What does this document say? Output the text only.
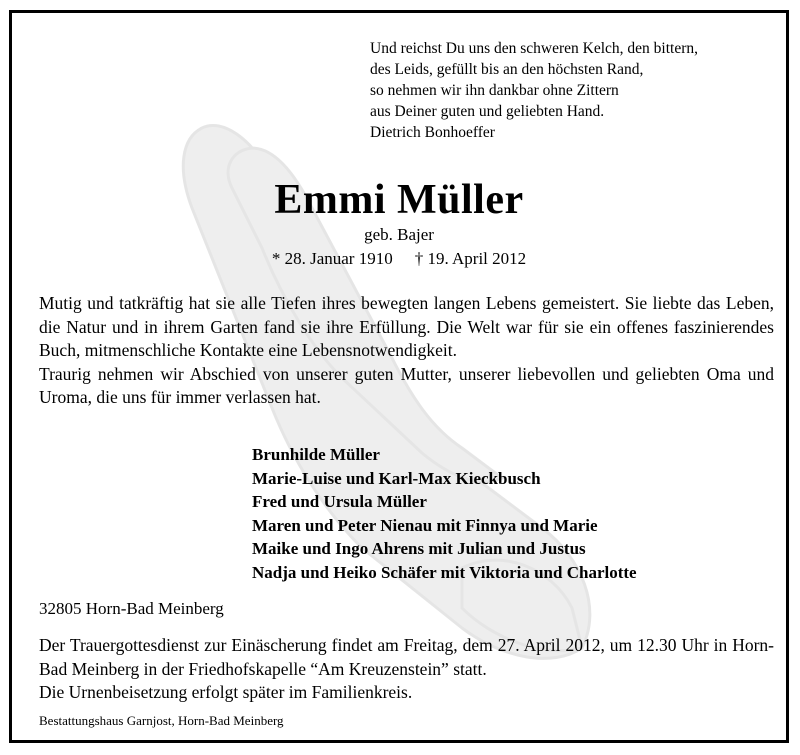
Und reichst Du uns den schweren Kelch, den bittern,
des Leids, gefüllt bis an den höchsten Rand,
so nehmen wir ihn dankbar ohne Zittern
aus Deiner guten und geliebten Hand.
Dietrich Bonhoeffer
Emmi Müller
geb. Bajer
* 28. Januar 1910 † 19. April 2012

Mutig und tatkräftig hat sie alle Tiefen ihres bewegten langen Lebens gemeistert. Sie liebte das Leben, die Natur und in ihrem Garten fand sie ihre Erfüllung. Die Welt war für sie ein offenes faszinierendes Buch, mitmenschliche Kontakte eine Lebensnotwendigkeit.

Traurig nehmen wir Abschied von unserer guten Mutter, unserer liebevollen und geliebten Oma und Uroma, die uns für immer verlassen hat.

Brunhilde Müller
Marie-Luise und Karl-Max Kieckbusch
Fred und Ursula Müller
Maren und Peter Nienau mit Finnya und Marie
Maike und Ingo Ahrens mit Julian und Justus
Nadja und Heiko Schäfer mit Viktoria und Charlotte
32805 Horn-Bad Meinberg

Der Trauergottesdienst zur Einäscherung findet am Freitag, dem 27. April 2012, um 12.30 Uhr in Horn-Bad Meinberg in der Friedhofskapelle “Am Kreuzenstein” statt.

Die Urnenbeisetzung erfolgt später im Familienkreis.

Bestattungshaus Garnjost, Horn-Bad Meinberg
